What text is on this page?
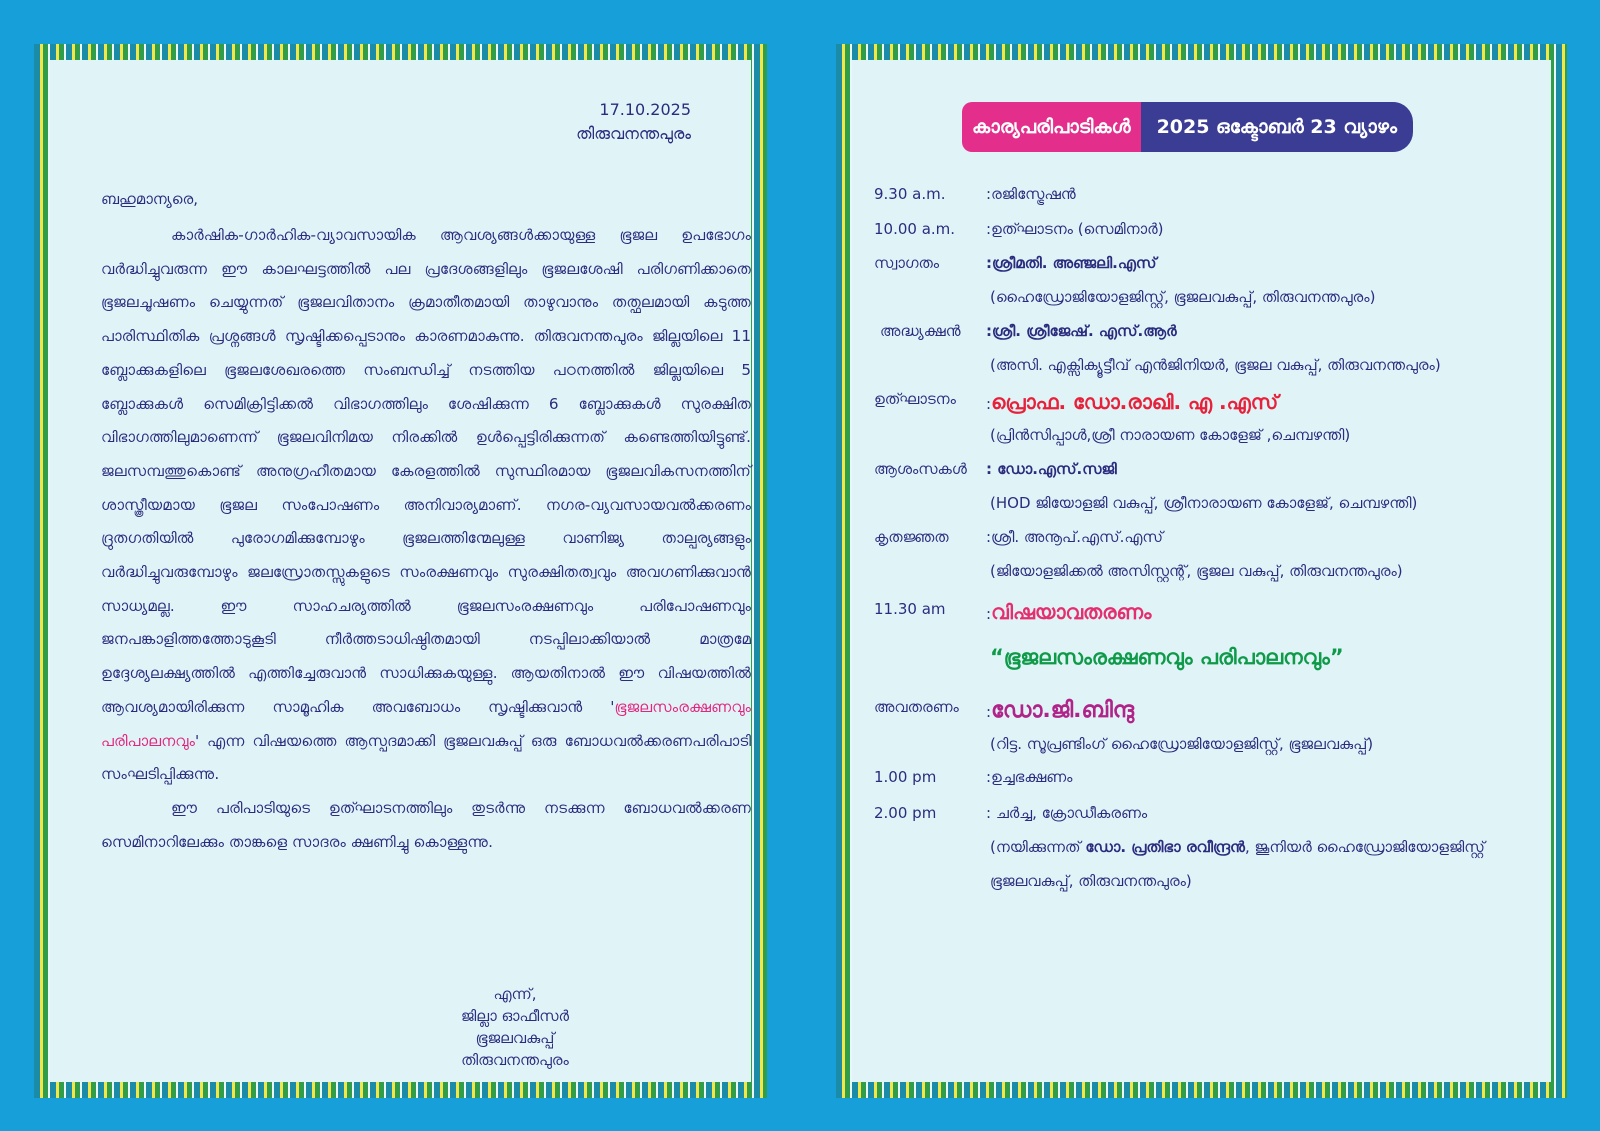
17.10.2025
തിരുവനന്തപുരം
ബഹുമാന്യരെ,

കാർഷിക-ഗാർഹിക-വ്യാവസായിക ആവശ്യങ്ങൾക്കായുള്ള ഭൂജല ഉപഭോഗം വർദ്ധിച്ചുവരുന്ന ഈ കാലഘട്ടത്തിൽ പല പ്രദേശങ്ങളിലും ഭൂജലശേഷി പരിഗണിക്കാതെ ഭൂജലചൂഷണം ചെയ്യുന്നത് ഭൂജലവിതാനം ക്രമാതീതമായി താഴുവാനും തത്ഫലമായി കടുത്ത പാരിസ്ഥിതിക പ്രശ്നങ്ങൾ സൃഷ്ടിക്കപ്പെടാനും കാരണമാകുന്നു. തിരുവനന്തപുരം ജില്ലയിലെ 11 ബ്ലോക്കുകളിലെ ഭൂജലശേഖരത്തെ സംബന്ധിച്ച് നടത്തിയ പഠനത്തിൽ ജില്ലയിലെ 5 ബ്ലോക്കുകൾ സെമിക്രിട്ടിക്കൽ വിഭാഗത്തിലും ശേഷിക്കുന്ന 6 ബ്ലോക്കുകൾ സുരക്ഷിത വിഭാഗത്തിലുമാണെന്ന് ഭൂജലവിനിമയ നിരക്കിൽ ഉൾപ്പെട്ടിരിക്കുന്നത് കണ്ടെത്തിയിട്ടുണ്ട്. ജലസമ്പത്തുകൊണ്ട് അനുഗ്രഹീതമായ കേരളത്തിൽ സുസ്ഥിരമായ ഭൂജലവികസനത്തിന് ശാസ്ത്രീയമായ ഭൂജല സംപോഷണം അനിവാര്യമാണ്. നഗര-വ്യവസായവൽക്കരണം ദ്രുതഗതിയിൽ പുരോഗമിക്കുമ്പോഴും ഭൂജലത്തിന്മേലുള്ള വാണിജ്യ താല്പര്യങ്ങളും വർദ്ധിച്ചുവരുമ്പോഴും ജലസ്രോതസ്സുകളുടെ സംരക്ഷണവും സുരക്ഷിതത്വവും അവഗണിക്കുവാൻ സാധ്യമല്ല. ഈ സാഹചര്യത്തിൽ ഭൂജലസംരക്ഷണവും പരിപോഷണവും ജനപങ്കാളിത്തത്തോടുകൂടി നീർത്തടാധിഷ്ഠിതമായി നടപ്പിലാക്കിയാൽ മാത്രമേ ഉദ്ദേശ്യലക്ഷ്യത്തിൽ എത്തിച്ചേരുവാൻ സാധിക്കുകയുള്ളു. ആയതിനാൽ ഈ വിഷയത്തിൽ ആവശ്യമായിരിക്കുന്ന സാമൂഹിക അവബോധം സൃഷ്ടിക്കുവാൻ 'ഭൂജലസംരക്ഷണവും പരിപാലനവും' എന്ന വിഷയത്തെ ആസ്പദമാക്കി ഭൂജലവകുപ്പ് ഒരു ബോധവൽക്കരണപരിപാടി സംഘടിപ്പിക്കുന്നു.

ഈ പരിപാടിയുടെ ഉത്ഘാടനത്തിലും തുടർന്നു നടക്കുന്ന ബോധവൽക്കരണ സെമിനാറിലേക്കും താങ്കളെ സാദരം ക്ഷണിച്ചു കൊള്ളുന്നു.

എന്ന്,
ജില്ലാ ഓഫീസർ
ഭൂജലവകുപ്പ്
തിരുവനന്തപുരം
കാര്യപരിപാടികൾ	2025 ഒക്ടോബർ 23 വ്യാഴം
9.30 a.m.	:രജിസ്ട്രേഷൻ
10.00 a.m.	:ഉത്ഘാടനം (സെമിനാർ)
സ്വാഗതം	:ശ്രീമതി. അഞ്ജലി.എസ്
(ഹൈഡ്രോജിയോളജിസ്റ്റ്, ഭൂജലവകുപ്പ്, തിരുവനന്തപുരം)
അദ്ധ്യക്ഷൻ	:ശ്രീ. ശ്രീജേഷ്. എസ്.ആർ
(അസി. എക്സിക്യൂട്ടീവ് എൻജിനിയർ, ഭൂജല വകുപ്പ്, തിരുവനന്തപുരം)
ഉത്ഘാടനം	:പ്രൊഫ. ഡോ.രാഖി. എ .എസ്
(പ്രിൻസിപ്പാൾ,ശ്രീ നാരായണ കോളേജ് ,ചെമ്പഴന്തി)
ആശംസകൾ	: ഡോ.എസ്.സജി
(HOD ജിയോളജി വകുപ്പ്, ശ്രീനാരായണ കോളേജ്, ചെമ്പഴന്തി)
കൃതജ്ഞത	:ശ്രീ. അനൂപ്.എസ്.എസ്
(ജിയോളജിക്കൽ അസിസ്റ്റന്റ്, ഭൂജല വകുപ്പ്, തിരുവനന്തപുരം)
11.30 am	:വിഷയാവതരണം
“ഭൂജലസംരക്ഷണവും പരിപാലനവും”
അവതരണം	:ഡോ.ജി.ബിന്ദു
(റിട്ട. സൂപ്രണ്ടിംഗ് ഹൈഡ്രോജിയോളജിസ്റ്റ്, ഭൂജലവകുപ്പ്)
1.00 pm	:ഉച്ചഭക്ഷണം
2.00 pm	: ചർച്ച, ക്രോഡീകരണം
(നയിക്കുന്നത് ഡോ. പ്രതിഭാ രവീന്ദ്രൻ, ജൂനിയർ ഹൈഡ്രോജിയോളജിസ്റ്റ്
ഭൂജലവകുപ്പ്, തിരുവനന്തപുരം)
